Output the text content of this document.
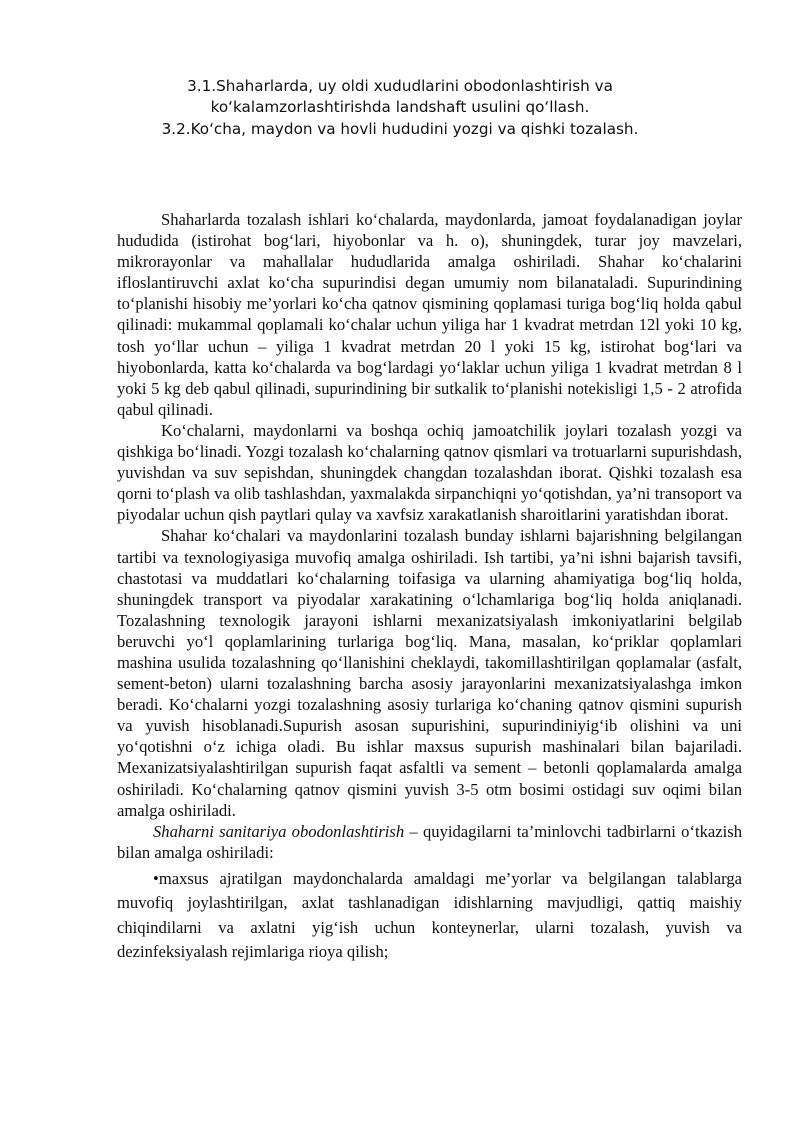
3.1.Shaharlarda, uy oldi xududlarini obodonlashtirish va ko‘kalamzorlashtirishda landshaft usulini qo‘llash.
3.2.Ko‘cha, maydon va hovli hududini yozgi va qishki tozalash.

Shaharlarda tozalash ishlari ko‘chalarda, maydonlarda, jamoat foydalanadigan joylar hududida (istirohat bog‘lari, hiyobonlar va h. o), shuningdek, turar joy mavzelari, mikrorayonlar va mahallalar hududlarida amalga oshiriladi. Shahar ko‘chalarini ifloslantiruvchi axlat ko‘cha supurindisi degan umumiy nom bilanataladi. Supurindining to‘planishi hisobiy me’yorlari ko‘cha qatnov qismining qoplamasi turiga bog‘liq holda qabul qilinadi: mukammal qoplamali ko‘chalar uchun yiliga har 1 kvadrat metrdan 12l yoki 10 kg, tosh yo‘llar uchun – yiliga 1 kvadrat metrdan 20 l yoki 15 kg, istirohat bog‘lari va hiyobonlarda, katta ko‘chalarda va bog‘lardagi yo‘laklar uchun yiliga 1 kvadrat metrdan 8 l yoki 5 kg deb qabul qilinadi, supurindining bir sutkalik to‘planishi notekisligi 1,5 - 2 atrofida qabul qilinadi.

Ko‘chalarni, maydonlarni va boshqa ochiq jamoatchilik joylari tozalash yozgi va qishkiga bo‘linadi. Yozgi tozalash ko‘chalarning qatnov qismlari va trotuarlarni supurishdash, yuvishdan va suv sepishdan, shuningdek changdan tozalashdan iborat. Qishki tozalash esa qorni to‘plash va olib tashlashdan, yaxmalakda sirpanchiqni yo‘qotishdan, ya’ni transoport va piyodalar uchun qish paytlari qulay va xavfsiz xarakatlanish sharoitlarini yaratishdan iborat.

Shahar ko‘chalari va maydonlarini tozalash bunday ishlarni bajarishning belgilangan tartibi va texnologiyasiga muvofiq amalga oshiriladi. Ish tartibi, ya’ni ishni bajarish tavsifi, chastotasi va muddatlari ko‘chalarning toifasiga va ularning ahamiyatiga bog‘liq holda, shuningdek transport va piyodalar xarakatining o‘lchamlariga bog‘liq holda aniqlanadi. Tozalashning texnologik jarayoni ishlarni mexanizatsiyalash imkoniyatlarini belgilab beruvchi yo‘l qoplamlarining turlariga bog‘liq. Mana, masalan, ko‘priklar qoplamlari mashina usulida tozalashning qo‘llanishini cheklaydi, takomillashtirilgan qoplamalar (asfalt, sement-beton) ularni tozalashning barcha asosiy jarayonlarini mexanizatsiyalashga imkon beradi. Ko‘chalarni yozgi tozalashning asosiy turlariga ko‘chaning qatnov qismini supurish va yuvish hisoblanadi.Supurish asosan supurishini, supurindiniyig‘ib olishini va uni yo‘qotishni o‘z ichiga oladi. Bu ishlar maxsus supurish mashinalari bilan bajariladi. Mexanizatsiyalashtirilgan supurish faqat asfaltli va sement – betonli qoplamalarda amalga oshiriladi. Ko‘chalarning qatnov qismini yuvish 3-5 otm bosimi ostidagi suv oqimi bilan amalga oshiriladi.

Shaharni sanitariya obodonlashtirish – quyidagilarni ta’minlovchi tadbirlarni o‘tkazish bilan amalga oshiriladi:

•maxsus ajratilgan maydonchalarda amaldagi me’yorlar va belgilangan talablarga muvofiq joylashtirilgan, axlat tashlanadigan idishlarning mavjudligi, qattiq maishiy chiqindilarni va axlatni yig‘ish uchun konteynerlar, ularni tozalash, yuvish va dezinfeksiyalash rejimlariga rioya qilish;
